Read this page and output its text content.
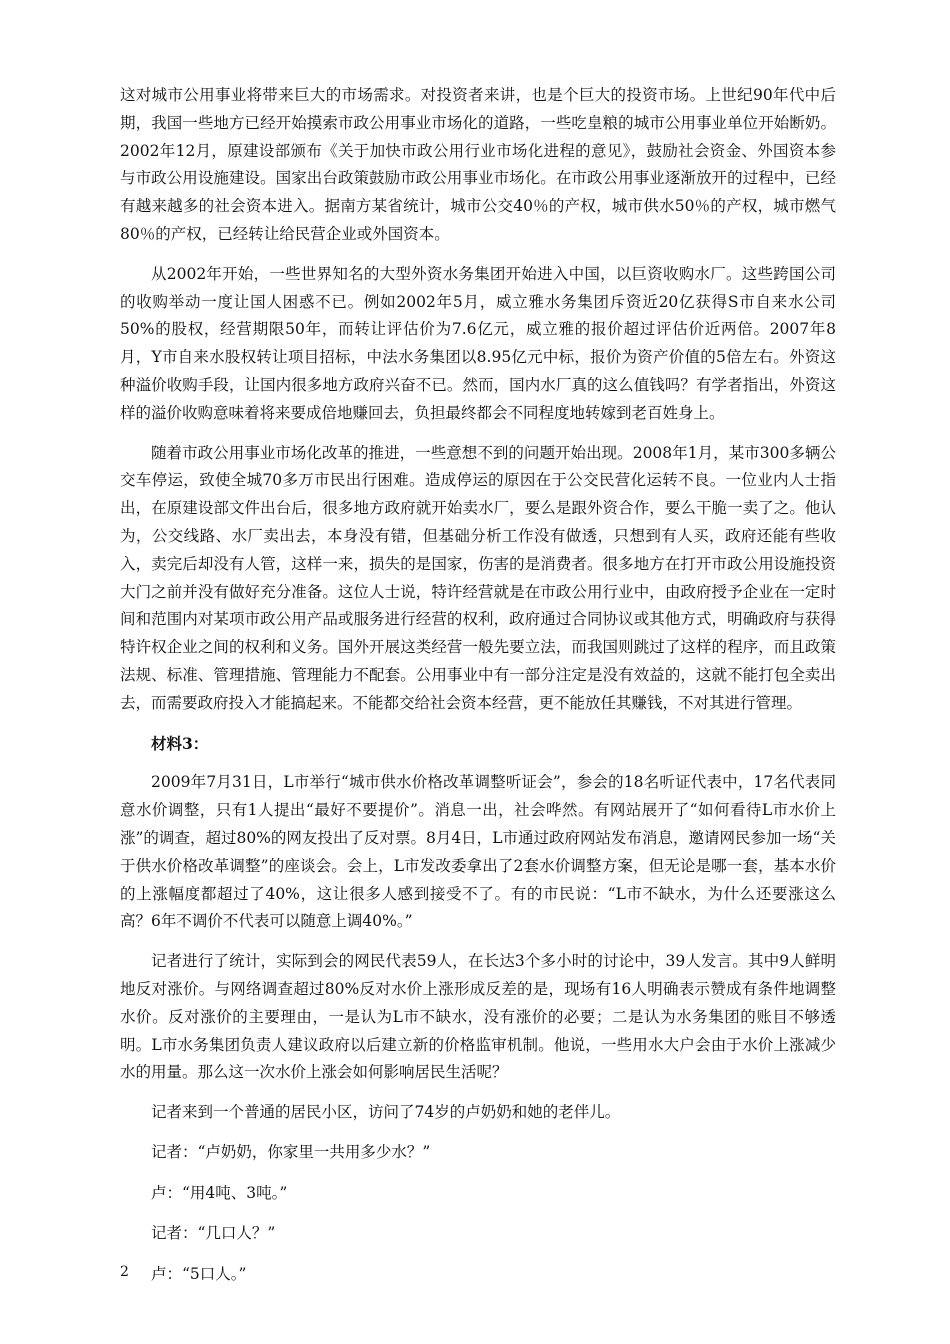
这对城市公用事业将带来巨大的市场需求。对投资者来讲，也是个巨大的投资市场。上世纪90年代中后期，我国一些地方已经开始摸索市政公用事业市场化的道路，一些吃皇粮的城市公用事业单位开始断奶。2002年12月，原建设部颁布《关于加快市政公用行业市场化进程的意见》，鼓励社会资金、外国资本参与市政公用设施建设。国家出台政策鼓励市政公用事业市场化。在市政公用事业逐渐放开的过程中，已经有越来越多的社会资本进入。据南方某省统计，城市公交40％的产权，城市供水50％的产权，城市燃气80％的产权，已经转让给民营企业或外国资本。

从2002年开始，一些世界知名的大型外资水务集团开始进入中国，以巨资收购水厂。这些跨国公司的收购举动一度让国人困惑不已。例如2002年5月，威立雅水务集团斥资近20亿获得S市自来水公司50%的股权，经营期限50年，而转让评估价为7.6亿元，威立雅的报价超过评估价近两倍。2007年8月，Y市自来水股权转让项目招标，中法水务集团以8.95亿元中标，报价为资产价值的5倍左右。外资这种溢价收购手段，让国内很多地方政府兴奋不已。然而，国内水厂真的这么值钱吗？有学者指出，外资这样的溢价收购意味着将来要成倍地赚回去，负担最终都会不同程度地转嫁到老百姓身上。

随着市政公用事业市场化改革的推进，一些意想不到的问题开始出现。2008年1月，某市300多辆公交车停运，致使全城70多万市民出行困难。造成停运的原因在于公交民营化运转不良。一位业内人士指出，在原建设部文件出台后，很多地方政府就开始卖水厂，要么是跟外资合作，要么干脆一卖了之。他认为，公交线路、水厂卖出去，本身没有错，但基础分析工作没有做透，只想到有人买，政府还能有些收入，卖完后却没有人管，这样一来，损失的是国家，伤害的是消费者。很多地方在打开市政公用设施投资大门之前并没有做好充分准备。这位人士说，特许经营就是在市政公用行业中，由政府授予企业在一定时间和范围内对某项市政公用产品或服务进行经营的权利，政府通过合同协议或其他方式，明确政府与获得特许权企业之间的权利和义务。国外开展这类经营一般先要立法，而我国则跳过了这样的程序，而且政策法规、标准、管理措施、管理能力不配套。公用事业中有一部分注定是没有效益的，这就不能打包全卖出去，而需要政府投入才能搞起来。不能都交给社会资本经营，更不能放任其赚钱，不对其进行管理。

材料3：

2009年7月31日，L市举行“城市供水价格改革调整听证会”，参会的18名听证代表中，17名代表同意水价调整，只有1人提出“最好不要提价”。消息一出，社会哗然。有网站展开了“如何看待L市水价上涨”的调查，超过80%的网友投出了反对票。8月4日，L市通过政府网站发布消息，邀请网民参加一场“关于供水价格改革调整”的座谈会。会上，L市发改委拿出了2套水价调整方案，但无论是哪一套，基本水价的上涨幅度都超过了40%，这让很多人感到接受不了。有的市民说：“L市不缺水，为什么还要涨这么高？6年不调价不代表可以随意上调40%。”

记者进行了统计，实际到会的网民代表59人，在长达3个多小时的讨论中，39人发言。其中9人鲜明地反对涨价。与网络调查超过80%反对水价上涨形成反差的是，现场有16人明确表示赞成有条件地调整水价。反对涨价的主要理由，一是认为L市不缺水，没有涨价的必要；二是认为水务集团的账目不够透明。L市水务集团负责人建议政府以后建立新的价格监审机制。他说，一些用水大户会由于水价上涨减少水的用量。那么这一次水价上涨会如何影响居民生活呢？

记者来到一个普通的居民小区，访问了74岁的卢奶奶和她的老伴儿。

记者：“卢奶奶，你家里一共用多少水？”

卢：“用4吨、3吨。”

记者：“几口人？”

卢：“5口人。”

2
